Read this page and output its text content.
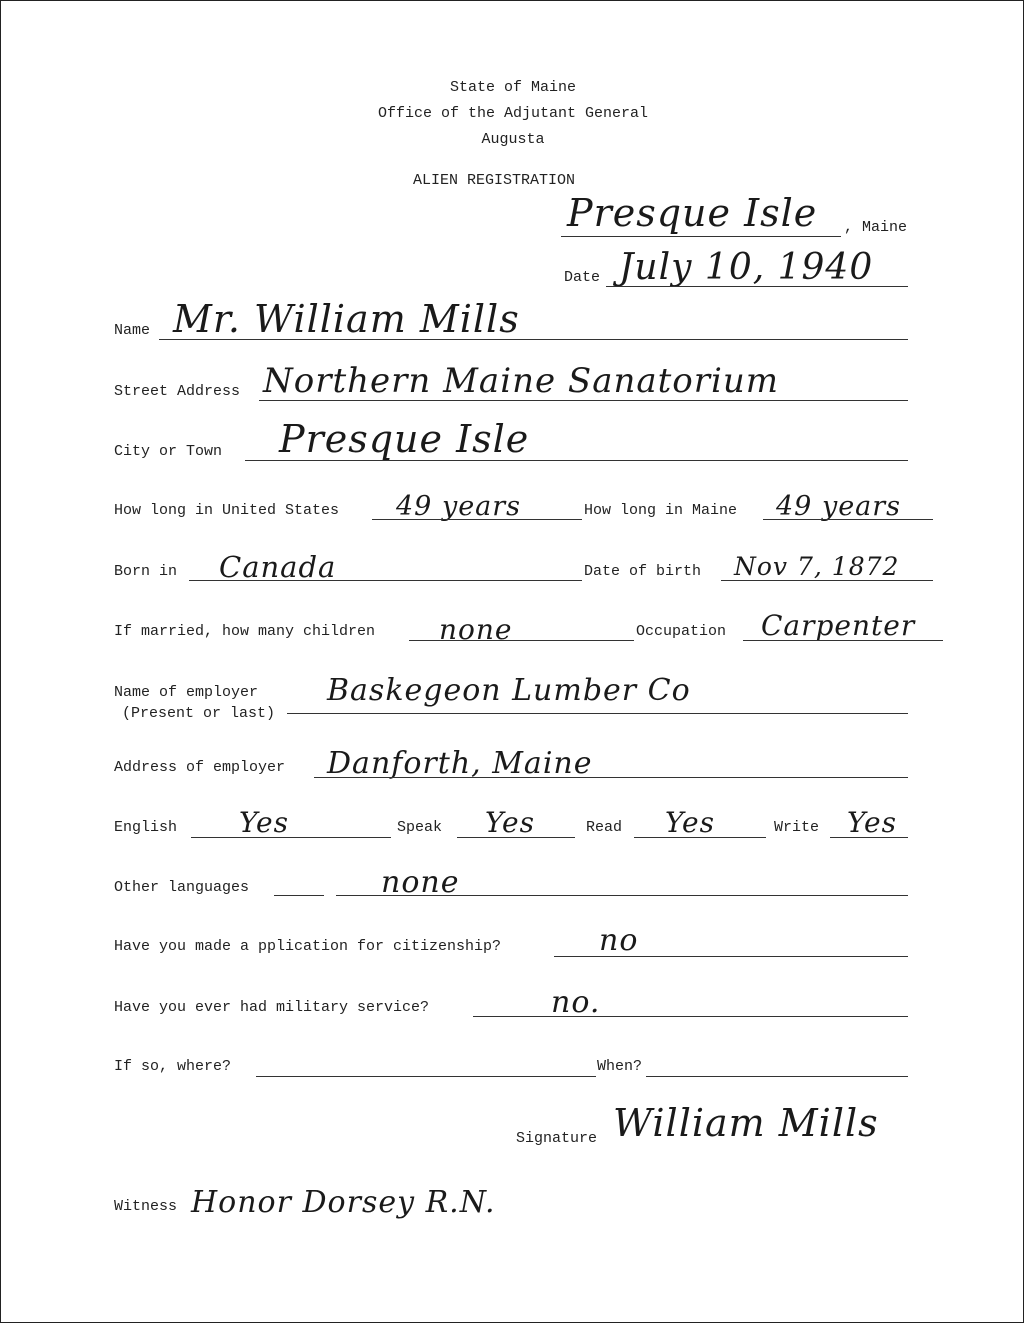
State of Maine
Office of the Adjutant General
Augusta
ALIEN REGISTRATION
Presque Isle , Maine
Date July 10, 1940
Name Mr. William Mills
Street Address Northern Maine Sanatorium
City or Town Presque Isle
How long in United States 49 years	How long in Maine 49 years
Born in Canada	Date of birth Nov 7, 1872
If married, how many children none	Occupation Carpenter
Name of employer
(Present or last)
Baskegeon Lumber Co
Address of employer Danforth, Maine
English Yes	Speak Yes	Read Yes	Write Yes
Other languages	none
Have you made a pplication for citizenship?	no
Have you ever had military service?	no.
If so, where?	When?
Signature William Mills
Witness Honor Dorsey R.N.
